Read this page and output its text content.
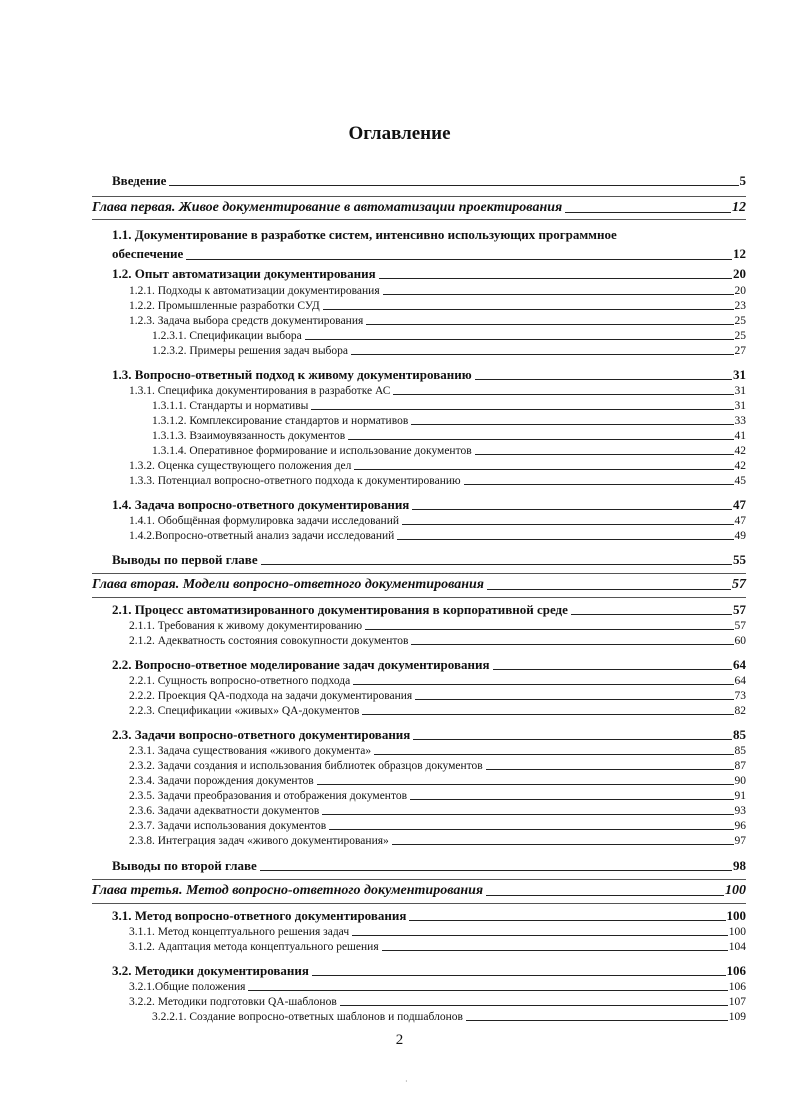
Оглавление
Введение	5
Глава первая. Живое документирование в автоматизации проектирования	12
1.1. Документирование в разработке систем, интенсивно использующих программное
обеспечение	12
1.2. Опыт автоматизации документирования	20
1.2.1. Подходы к автоматизации документирования	20
1.2.2. Промышленные разработки СУД	23
1.2.3. Задача выбора средств документирования	25
1.2.3.1. Спецификации выбора	25
1.2.3.2. Примеры решения задач выбора	27
1.3. Вопросно-ответный подход к живому документированию	31
1.3.1. Специфика документирования в разработке АС	31
1.3.1.1. Стандарты и нормативы	31
1.3.1.2. Комплексирование стандартов и нормативов	33
1.3.1.3. Взаимоувязанность документов	41
1.3.1.4. Оперативное формирование и использование документов	42
1.3.2. Оценка существующего положения дел	42
1.3.3. Потенциал вопросно-ответного подхода к документированию	45
1.4. Задача вопросно-ответного документирования	47
1.4.1. Обобщённая формулировка задачи исследований	47
1.4.2.Вопросно-ответный анализ задачи исследований	49
Выводы по первой главе	55
Глава вторая. Модели вопросно-ответного документирования	57
2.1. Процесс автоматизированного документирования в корпоративной среде	57
2.1.1. Требования к живому документированию	57
2.1.2. Адекватность состояния совокупности документов	60
2.2. Вопросно-ответное моделирование задач документирования	64
2.2.1. Сущность вопросно-ответного подхода	64
2.2.2. Проекция QA-подхода на задачи документирования	73
2.2.3. Спецификации «живых» QA-документов	82
2.3. Задачи вопросно-ответного документирования	85
2.3.1. Задача существования «живого документа»	85
2.3.2. Задачи создания и использования библиотек образцов документов	87
2.3.4. Задачи порождения документов	90
2.3.5. Задачи преобразования и отображения документов	91
2.3.6. Задачи адекватности документов	93
2.3.7. Задачи использования документов	96
2.3.8. Интеграция задач «живого документирования»	97
Выводы по второй главе	98
Глава третья. Метод вопросно-ответного документирования	100
3.1. Метод вопросно-ответного документирования	100
3.1.1. Метод концептуального решения задач	100
3.1.2. Адаптация метода концептуального решения	104
3.2. Методики документирования	106
3.2.1.Общие положения	106
3.2.2. Методики подготовки QA-шаблонов	107
3.2.2.1. Создание вопросно-ответных шаблонов и подшаблонов	109
2
·
